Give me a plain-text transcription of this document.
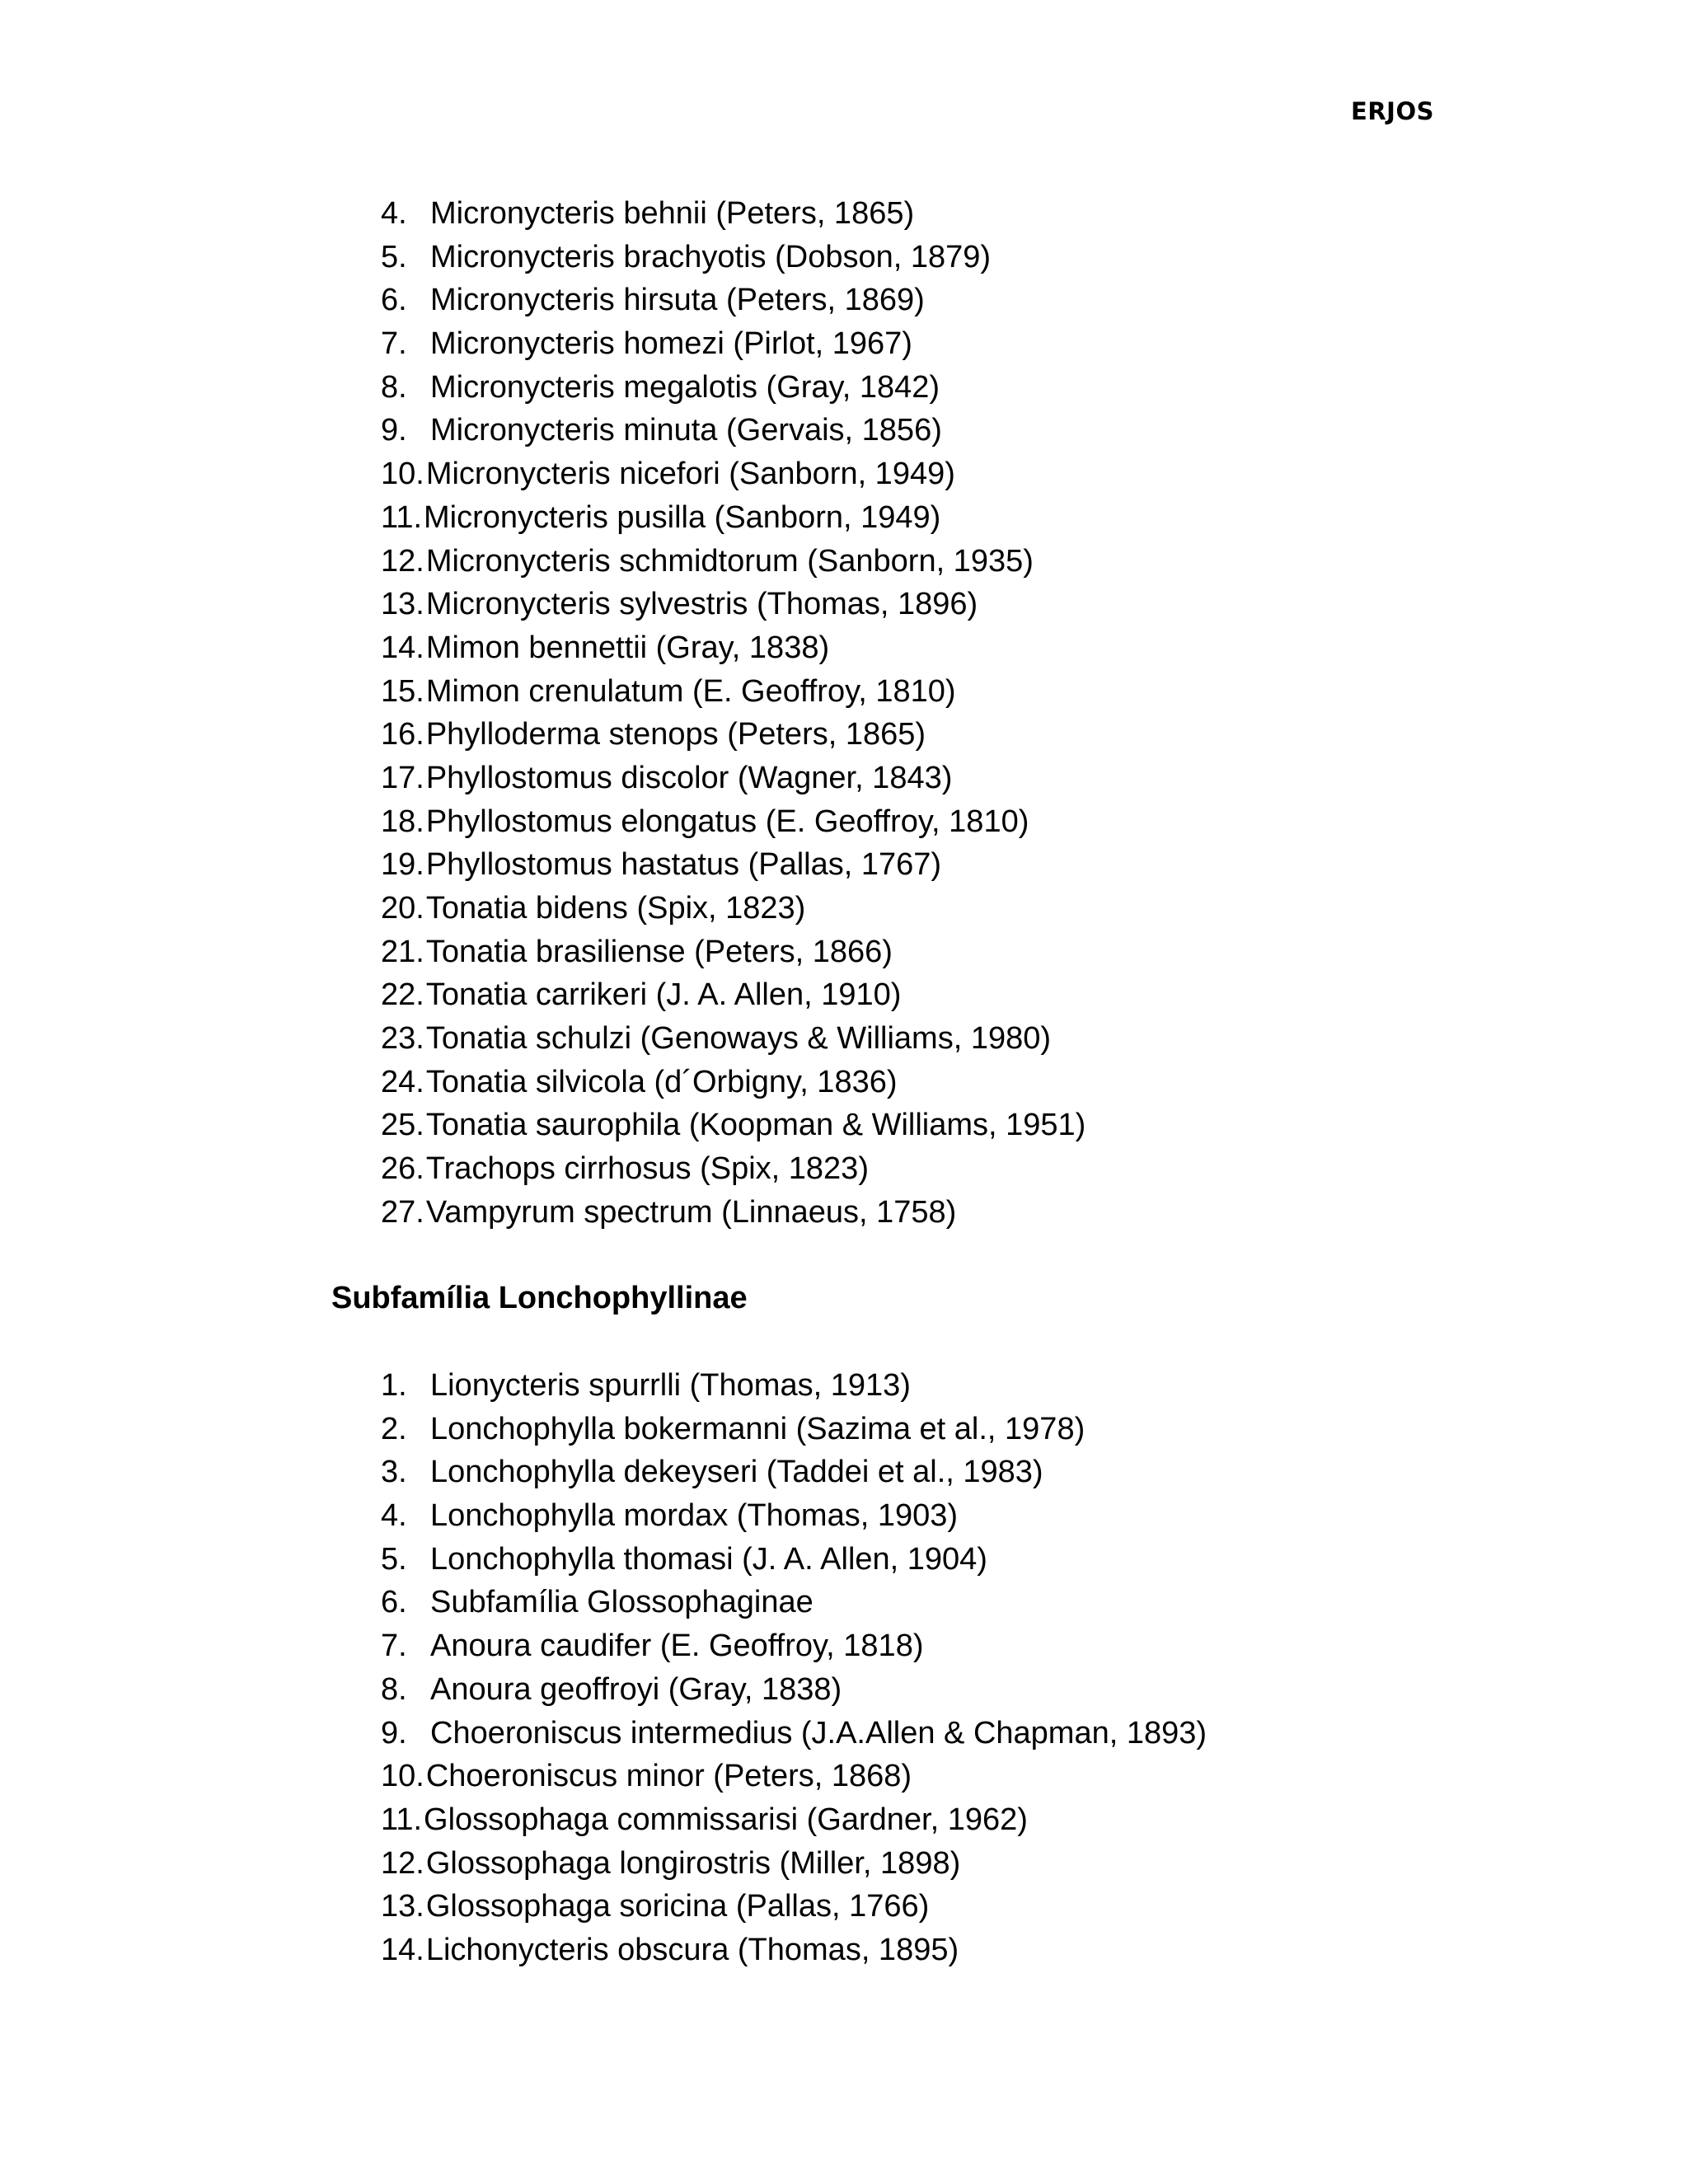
ERJOS
4. Micronycteris behnii (Peters, 1865)
5. Micronycteris brachyotis (Dobson, 1879)
6. Micronycteris hirsuta (Peters, 1869)
7. Micronycteris homezi (Pirlot, 1967)
8. Micronycteris megalotis (Gray, 1842)
9. Micronycteris minuta (Gervais, 1856)
10. Micronycteris nicefori (Sanborn, 1949)
11. Micronycteris pusilla (Sanborn, 1949)
12. Micronycteris schmidtorum (Sanborn, 1935)
13. Micronycteris sylvestris (Thomas, 1896)
14. Mimon bennettii (Gray, 1838)
15. Mimon crenulatum (E. Geoffroy, 1810)
16. Phylloderma stenops (Peters, 1865)
17. Phyllostomus discolor (Wagner, 1843)
18. Phyllostomus elongatus (E. Geoffroy, 1810)
19. Phyllostomus hastatus (Pallas, 1767)
20. Tonatia bidens (Spix, 1823)
21. Tonatia brasiliense (Peters, 1866)
22. Tonatia carrikeri (J. A. Allen, 1910)
23. Tonatia schulzi (Genoways & Williams, 1980)
24. Tonatia silvicola (d´Orbigny, 1836)
25. Tonatia saurophila (Koopman & Williams, 1951)
26. Trachops cirrhosus (Spix, 1823)
27. Vampyrum spectrum (Linnaeus, 1758)
Subfamília Lonchophyllinae
1. Lionycteris spurrlli (Thomas, 1913)
2. Lonchophylla bokermanni (Sazima et al., 1978)
3. Lonchophylla dekeyseri (Taddei et al., 1983)
4. Lonchophylla mordax (Thomas, 1903)
5. Lonchophylla thomasi (J. A. Allen, 1904)
6. Subfamília Glossophaginae
7. Anoura caudifer (E. Geoffroy, 1818)
8. Anoura geoffroyi (Gray, 1838)
9. Choeroniscus intermedius (J.A.Allen & Chapman, 1893)
10. Choeroniscus minor (Peters, 1868)
11. Glossophaga commissarisi (Gardner, 1962)
12. Glossophaga longirostris (Miller, 1898)
13. Glossophaga soricina (Pallas, 1766)
14. Lichonycteris obscura (Thomas, 1895)
